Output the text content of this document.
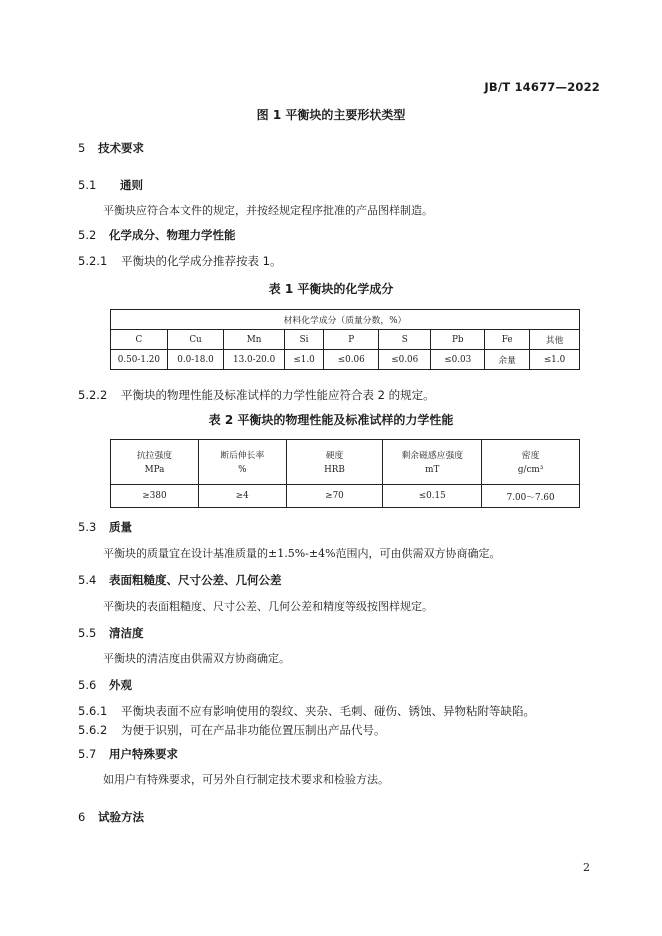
JB/T 14677—2022
图 1 平衡块的主要形状类型
5 技术要求
5.1 通则
平衡块应符合本文件的规定，并按经规定程序批准的产品图样制造。
5.2 化学成分、物理力学性能
5.2.1 平衡块的化学成分推荐按表 1。
表 1 平衡块的化学成分
材料化学成分（质量分数，%）								
C	Cu	Mn	Si	P	S	Pb	Fe	其他
0.50-1.20	0.0-18.0	13.0-20.0	≤1.0	≤0.06	≤0.06	≤0.03	余量	≤1.0
5.2.2 平衡块的物理性能及标准试样的力学性能应符合表 2 的规定。
表 2 平衡块的物理性能及标准试样的力学性能
抗拉强度	断后伸长率	硬度	剩余磁感应强度	密度
MPa	%	HRB	mT	g/cm³
≥380	≥4	≥70	≤0.15	7.00～7.60
5.3 质量
平衡块的质量宜在设计基准质量的±1.5%-±4%范围内，可由供需双方协商确定。
5.4 表面粗糙度、尺寸公差、几何公差
平衡块的表面粗糙度、尺寸公差、几何公差和精度等级按图样规定。
5.5 清洁度
平衡块的清洁度由供需双方协商确定。
5.6 外观
5.6.1 平衡块表面不应有影响使用的裂纹、夹杂、毛刺、碰伤、锈蚀、异物粘附等缺陷。
5.6.2 为便于识别，可在产品非功能位置压制出产品代号。
5.7 用户特殊要求
如用户有特殊要求，可另外自行制定技术要求和检验方法。
6 试验方法
2
